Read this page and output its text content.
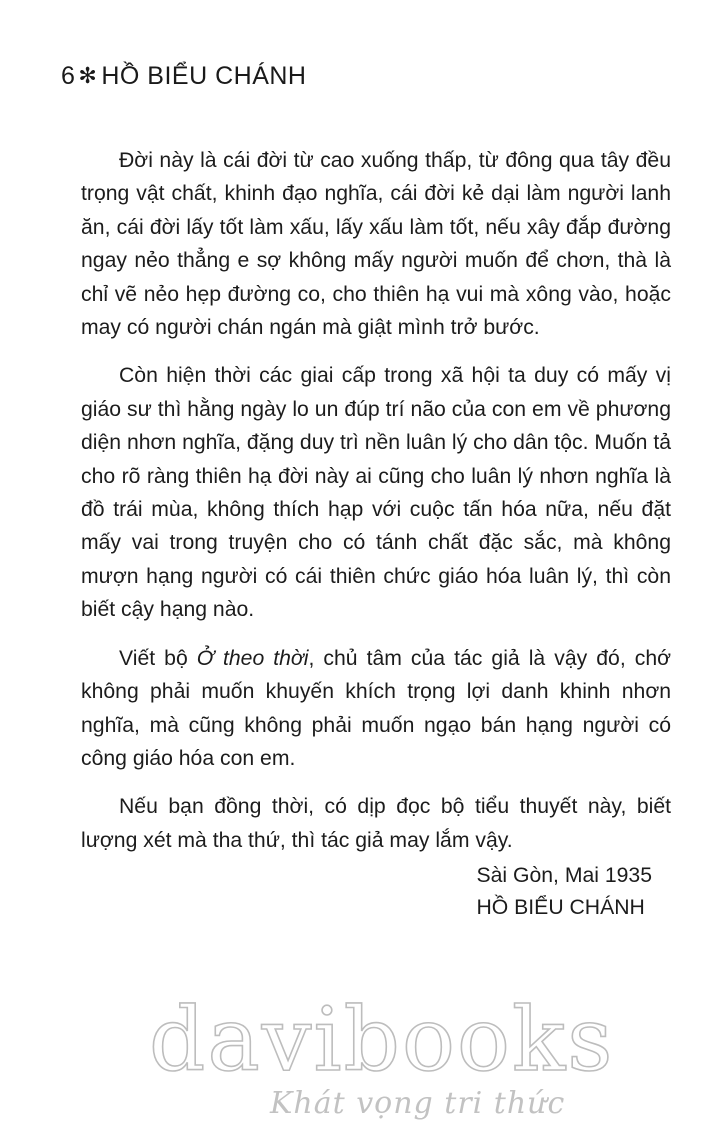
6 ✻ HỒ BIỂU CHÁNH

Đời này là cái đời từ cao xuống thấp, từ đông qua tây đều trọng vật chất, khinh đạo nghĩa, cái đời kẻ dại làm người lanh ăn, cái đời lấy tốt làm xấu, lấy xấu làm tốt, nếu xây đắp đường ngay nẻo thẳng e sợ không mấy người muốn để chơn, thà là chỉ vẽ nẻo hẹp đường co, cho thiên hạ vui mà xông vào, hoặc may có người chán ngán mà giật mình trở bước.

Còn hiện thời các giai cấp trong xã hội ta duy có mấy vị giáo sư thì hằng ngày lo un đúp trí não của con em về phương diện nhơn nghĩa, đặng duy trì nền luân lý cho dân tộc. Muốn tả cho rõ ràng thiên hạ đời này ai cũng cho luân lý nhơn nghĩa là đồ trái mùa, không thích hạp với cuộc tấn hóa nữa, nếu đặt mấy vai trong truyện cho có tánh chất đặc sắc, mà không mượn hạng người có cái thiên chức giáo hóa luân lý, thì còn biết cậy hạng nào.

Viết bộ Ở theo thời, chủ tâm của tác giả là vậy đó, chớ không phải muốn khuyến khích trọng lợi danh khinh nhơn nghĩa, mà cũng không phải muốn ngạo bán hạng người có công giáo hóa con em.

Nếu bạn đồng thời, có dịp đọc bộ tiểu thuyết này, biết lượng xét mà tha thứ, thì tác giả may lắm vậy.

Sài Gòn, Mai 1935
HỒ BIỂU CHÁNH
davibooks
Khát vọng tri thức
